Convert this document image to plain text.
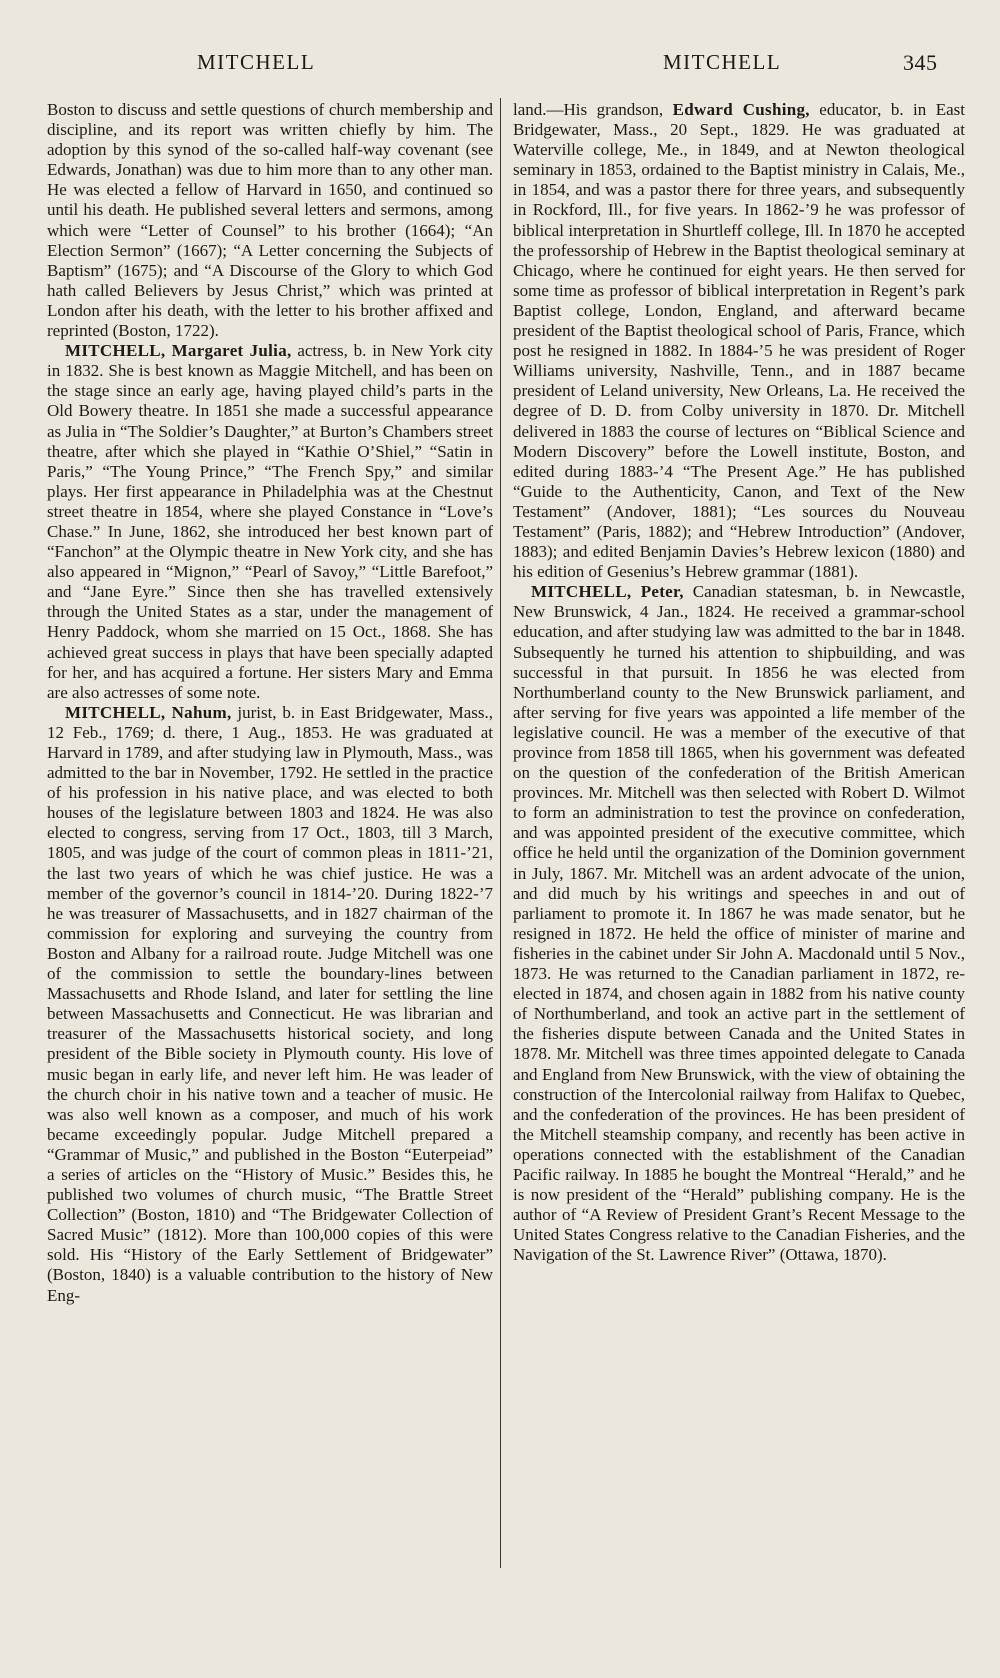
MITCHELL	MITCHELL	345

Boston to discuss and settle questions of church membership and discipline, and its report was written chiefly by him. The adoption by this synod of the so-called half-way covenant (see Edwards, Jonathan) was due to him more than to any other man. He was elected a fellow of Harvard in 1650, and continued so until his death. He published several letters and sermons, among which were “Letter of Counsel” to his brother (1664); “An Election Sermon” (1667); “A Letter concerning the Subjects of Baptism” (1675); and “A Discourse of the Glory to which God hath called Believers by Jesus Christ,” which was printed at London after his death, with the letter to his brother affixed and reprinted (Boston, 1722).

MITCHELL, Margaret Julia, actress, b. in New York city in 1832. She is best known as Maggie Mitchell, and has been on the stage since an early age, having played child’s parts in the Old Bowery theatre. In 1851 she made a successful appearance as Julia in “The Soldier’s Daughter,” at Burton’s Chambers street theatre, after which she played in “Kathie O’Shiel,” “Satin in Paris,” “The Young Prince,” “The French Spy,” and similar plays. Her first appearance in Philadelphia was at the Chestnut street theatre in 1854, where she played Constance in “Love’s Chase.” In June, 1862, she introduced her best known part of “Fanchon” at the Olympic theatre in New York city, and she has also appeared in “Mignon,” “Pearl of Savoy,” “Little Barefoot,” and “Jane Eyre.” Since then she has travelled extensively through the United States as a star, under the management of Henry Paddock, whom she married on 15 Oct., 1868. She has achieved great success in plays that have been specially adapted for her, and has acquired a fortune. Her sisters Mary and Emma are also actresses of some note.

MITCHELL, Nahum, jurist, b. in East Bridgewater, Mass., 12 Feb., 1769; d. there, 1 Aug., 1853. He was graduated at Harvard in 1789, and after studying law in Plymouth, Mass., was admitted to the bar in November, 1792. He settled in the practice of his profession in his native place, and was elected to both houses of the legislature between 1803 and 1824. He was also elected to congress, serving from 17 Oct., 1803, till 3 March, 1805, and was judge of the court of common pleas in 1811-’21, the last two years of which he was chief justice. He was a member of the governor’s council in 1814-’20. During 1822-’7 he was treasurer of Massachusetts, and in 1827 chairman of the commission for exploring and surveying the country from Boston and Albany for a railroad route. Judge Mitchell was one of the commission to settle the boundary-lines between Massachusetts and Rhode Island, and later for settling the line between Massachusetts and Connecticut. He was librarian and treasurer of the Massachusetts historical society, and long president of the Bible society in Plymouth county. His love of music began in early life, and never left him. He was leader of the church choir in his native town and a teacher of music. He was also well known as a composer, and much of his work became exceedingly popular. Judge Mitchell prepared a “Grammar of Music,” and published in the Boston “Euterpeiad” a series of articles on the “History of Music.” Besides this, he published two volumes of church music, “The Brattle Street Collection” (Boston, 1810) and “The Bridgewater Collection of Sacred Music” (1812). More than 100,000 copies of this were sold. His “History of the Early Settlement of Bridgewater” (Boston, 1840) is a valuable contribution to the history of New Eng-

land.—His grandson, Edward Cushing, educator, b. in East Bridgewater, Mass., 20 Sept., 1829. He was graduated at Waterville college, Me., in 1849, and at Newton theological seminary in 1853, ordained to the Baptist ministry in Calais, Me., in 1854, and was a pastor there for three years, and subsequently in Rockford, Ill., for five years. In 1862-’9 he was professor of biblical interpretation in Shurtleff college, Ill. In 1870 he accepted the professorship of Hebrew in the Baptist theological seminary at Chicago, where he continued for eight years. He then served for some time as professor of biblical interpretation in Regent’s park Baptist college, London, England, and afterward became president of the Baptist theological school of Paris, France, which post he resigned in 1882. In 1884-’5 he was president of Roger Williams university, Nashville, Tenn., and in 1887 became president of Leland university, New Orleans, La. He received the degree of D. D. from Colby university in 1870. Dr. Mitchell delivered in 1883 the course of lectures on “Biblical Science and Modern Discovery” before the Lowell institute, Boston, and edited during 1883-’4 “The Present Age.” He has published “Guide to the Authenticity, Canon, and Text of the New Testament” (Andover, 1881); “Les sources du Nouveau Testament” (Paris, 1882); and “Hebrew Introduction” (Andover, 1883); and edited Benjamin Davies’s Hebrew lexicon (1880) and his edition of Gesenius’s Hebrew grammar (1881).

MITCHELL, Peter, Canadian statesman, b. in Newcastle, New Brunswick, 4 Jan., 1824. He received a grammar-school education, and after studying law was admitted to the bar in 1848. Subsequently he turned his attention to shipbuilding, and was successful in that pursuit. In 1856 he was elected from Northumberland county to the New Brunswick parliament, and after serving for five years was appointed a life member of the legislative council. He was a member of the executive of that province from 1858 till 1865, when his government was defeated on the question of the confederation of the British American provinces. Mr. Mitchell was then selected with Robert D. Wilmot to form an administration to test the province on confederation, and was appointed president of the executive committee, which office he held until the organization of the Dominion government in July, 1867. Mr. Mitchell was an ardent advocate of the union, and did much by his writings and speeches in and out of parliament to promote it. In 1867 he was made senator, but he resigned in 1872. He held the office of minister of marine and fisheries in the cabinet under Sir John A. Macdonald until 5 Nov., 1873. He was returned to the Canadian parliament in 1872, re-elected in 1874, and chosen again in 1882 from his native county of Northumberland, and took an active part in the settlement of the fisheries dispute between Canada and the United States in 1878. Mr. Mitchell was three times appointed delegate to Canada and England from New Brunswick, with the view of obtaining the construction of the Intercolonial railway from Halifax to Quebec, and the confederation of the provinces. He has been president of the Mitchell steamship company, and recently has been active in operations connected with the establishment of the Canadian Pacific railway. In 1885 he bought the Montreal “Herald,” and he is now president of the “Herald” publishing company. He is the author of “A Review of President Grant’s Recent Message to the United States Congress relative to the Canadian Fisheries, and the Navigation of the St. Lawrence River” (Ottawa, 1870).
